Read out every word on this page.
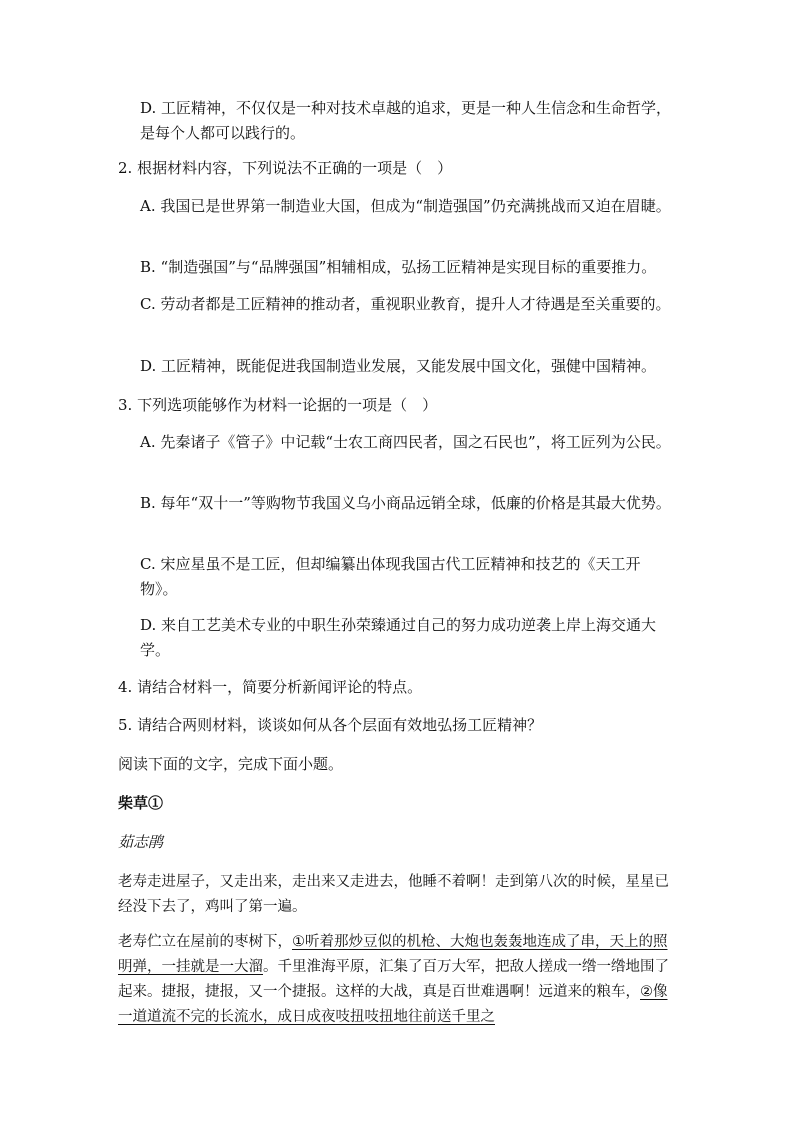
D. 工匠精神，不仅仅是一种对技术卓越的追求，更是一种人生信念和生命哲学，是每个人都可以践行的。

2. 根据材料内容，下列说法不正确的一项是（　）

A. 我国已是世界第一制造业大国，但成为“制造强国”仍充满挑战而又迫在眉睫。

B. “制造强国”与“品牌强国”相辅相成，弘扬工匠精神是实现目标的重要推力。

C. 劳动者都是工匠精神的推动者，重视职业教育，提升人才待遇是至关重要的。

D. 工匠精神，既能促进我国制造业发展，又能发展中国文化，强健中国精神。

3. 下列选项能够作为材料一论据的一项是（　）

A. 先秦诸子《管子》中记载“士农工商四民者，国之石民也”，将工匠列为公民。

B. 每年“双十一”等购物节我国义乌小商品远销全球，低廉的价格是其最大优势。

C. 宋应星虽不是工匠，但却编纂出体现我国古代工匠精神和技艺的《天工开物》。

D. 来自工艺美术专业的中职生孙荣臻通过自己的努力成功逆袭上岸上海交通大学。

4. 请结合材料一，简要分析新闻评论的特点。

5. 请结合两则材料，谈谈如何从各个层面有效地弘扬工匠精神？

阅读下面的文字，完成下面小题。

柴草①

茹志鹃

老寿走进屋子，又走出来，走出来又走进去，他睡不着啊！走到第八次的时候，星星已经没下去了，鸡叫了第一遍。

老寿伫立在屋前的枣树下，①听着那炒豆似的机枪、大炮也轰轰地连成了串，天上的照明弹，一挂就是一大溜。千里淮海平原，汇集了百万大军，把敌人搓成一绺一绺地围了起来。捷报，捷报，又一个捷报。这样的大战，真是百世难遇啊！远道来的粮车，②像一道道流不完的长流水，成日成夜吱扭吱扭地往前送千里之
